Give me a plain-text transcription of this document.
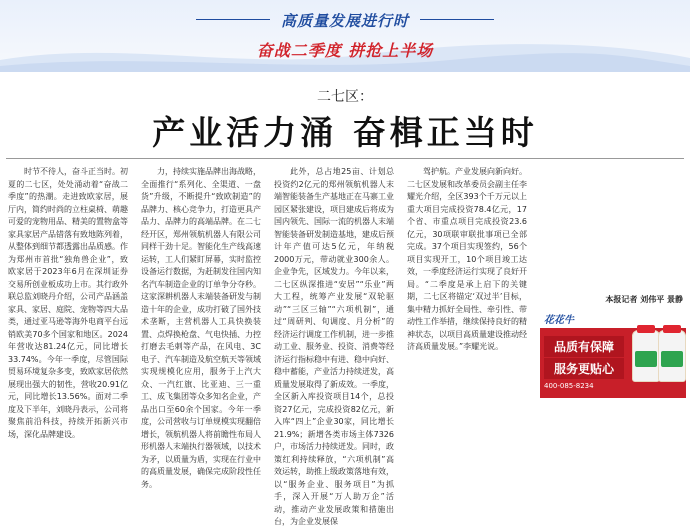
高质量发展进行时
奋战二季度 拼抢上半场
二七区：
产业活力涌 奋楫正当时

时节不待人，奋斗正当时。初夏的二七区，处处涌动着“奋战二季度”的热潮。走进致欧家居，展厅内，简约时尚的立柱桌椅、萌趣可爱的宠物用品、精美的置物盒等家具家居产品错落有致地陈列着，从整体到细节都透露出品质感。作为郑州市首批“独角兽企业”，致欧家居于2023年6月在深圳证券交易所创业板成功上市。其行政外联总监刘晓丹介绍，公司产品涵盖家具、家居、庭院、宠物等四大品类，通过亚马逊等海外电商平台远销欧美70多个国家和地区。2024年营收达81.24亿元，同比增长33.74%。今年一季度，尽管国际贸易环境复杂多变，致欧家居依然展现出强大的韧性，营收20.91亿元，同比增长13.56%。面对二季度及下半年，刘晓丹表示，公司将聚焦前沿科技，持续开拓新兴市场，深化品牌建设。

力，持续实施品牌出海战略，全面推行“系列化、全渠道、一盘货”升级，不断提升“致欧制造”的品牌力、核心竞争力，打造更具产品力、品牌力的高端品牌。在二七经开区，郑州领航机器人有限公司同样干劲十足。智能化生产线高速运转，工人们紧盯屏幕，实时监控设备运行数据，为赶制发往国内知名汽车制造企业的订单争分夺秒。这家深耕机器人末端装备研发与制造十年的企业，成功打破了国外技术垄断，主营机器人工具快换装置、点焊换枪盘、气电快插、力控打磨去毛刺等产品，在风电、3C电子、汽车制造及航空航天等领域实现规模化应用，服务于上汽大众、一汽红旗、比亚迪、三一重工、成飞集团等众多知名企业，产品出口至60余个国家。今年一季度，公司营收与订单规模实现翻倍增长，领航机器人将前瞻性布局人形机器人末端执行器领域，以技术为矛，以质量为盾，实现在行业中的高质量发展，确保完成阶段性任务。

此外，总占地25亩、计划总投资约2亿元的郑州领航机器人末端智能装备生产基地正在马寨工业园区紧张建设，项目建成后将成为国内领先、国际一流的机器人末端智能装备研发制造基地，建成后预计年产值可达5亿元，年纳税2000万元，带动就业300余人。企业争先，区域发力。今年以来，二七区纵深推进“安居”“乐业”两大工程，统筹产业发展“双轮驱动”“三区三轴”“六项机制”，通过“周研判、旬调度、月分析”的经济运行调度工作机制，进一步推动工业、服务业、投资、消费等经济运行指标稳中有进、稳中向好、稳中蓄能，产业活力持续迸发，高质量发展取得了新成效。一季度，全区新入库投资项目14个，总投资27亿元，完成投资82亿元，新入库“四上”企业30家，同比增长21.9%；新增各类市场主体7326户，市场活力持续迸发。同时，政策红利持续释放，“六项机制”高效运转，助推上级政策落地有效，以“服务企业、服务项目”为抓手，深入开展“万人助万企”活动，推动产业发展政策和措施出台，为企业发展保

驾护航。产业发展向新向好。二七区发展和改革委员会副主任李耀光介绍，全区393个千万元以上重大项目完成投资78.4亿元，17个省、市重点项目完成投资23.6亿元，30项联审联批事项已全部完成。37个项目实现签约，56个项目实现开工，10个项目竣工达效，一季度经济运行实现了良好开局。“二季度是承上启下的关键期，二七区将锚定‘双过半’目标，集中精力抓好全局性、牵引性、带动性工作举措，继续保持良好的精神状态，以项目高质量建设推动经济高质量发展。”李耀光说。

本报记者 刘伟平 景静
花花牛
品质有保障
服务更贴心
400-085-8234
